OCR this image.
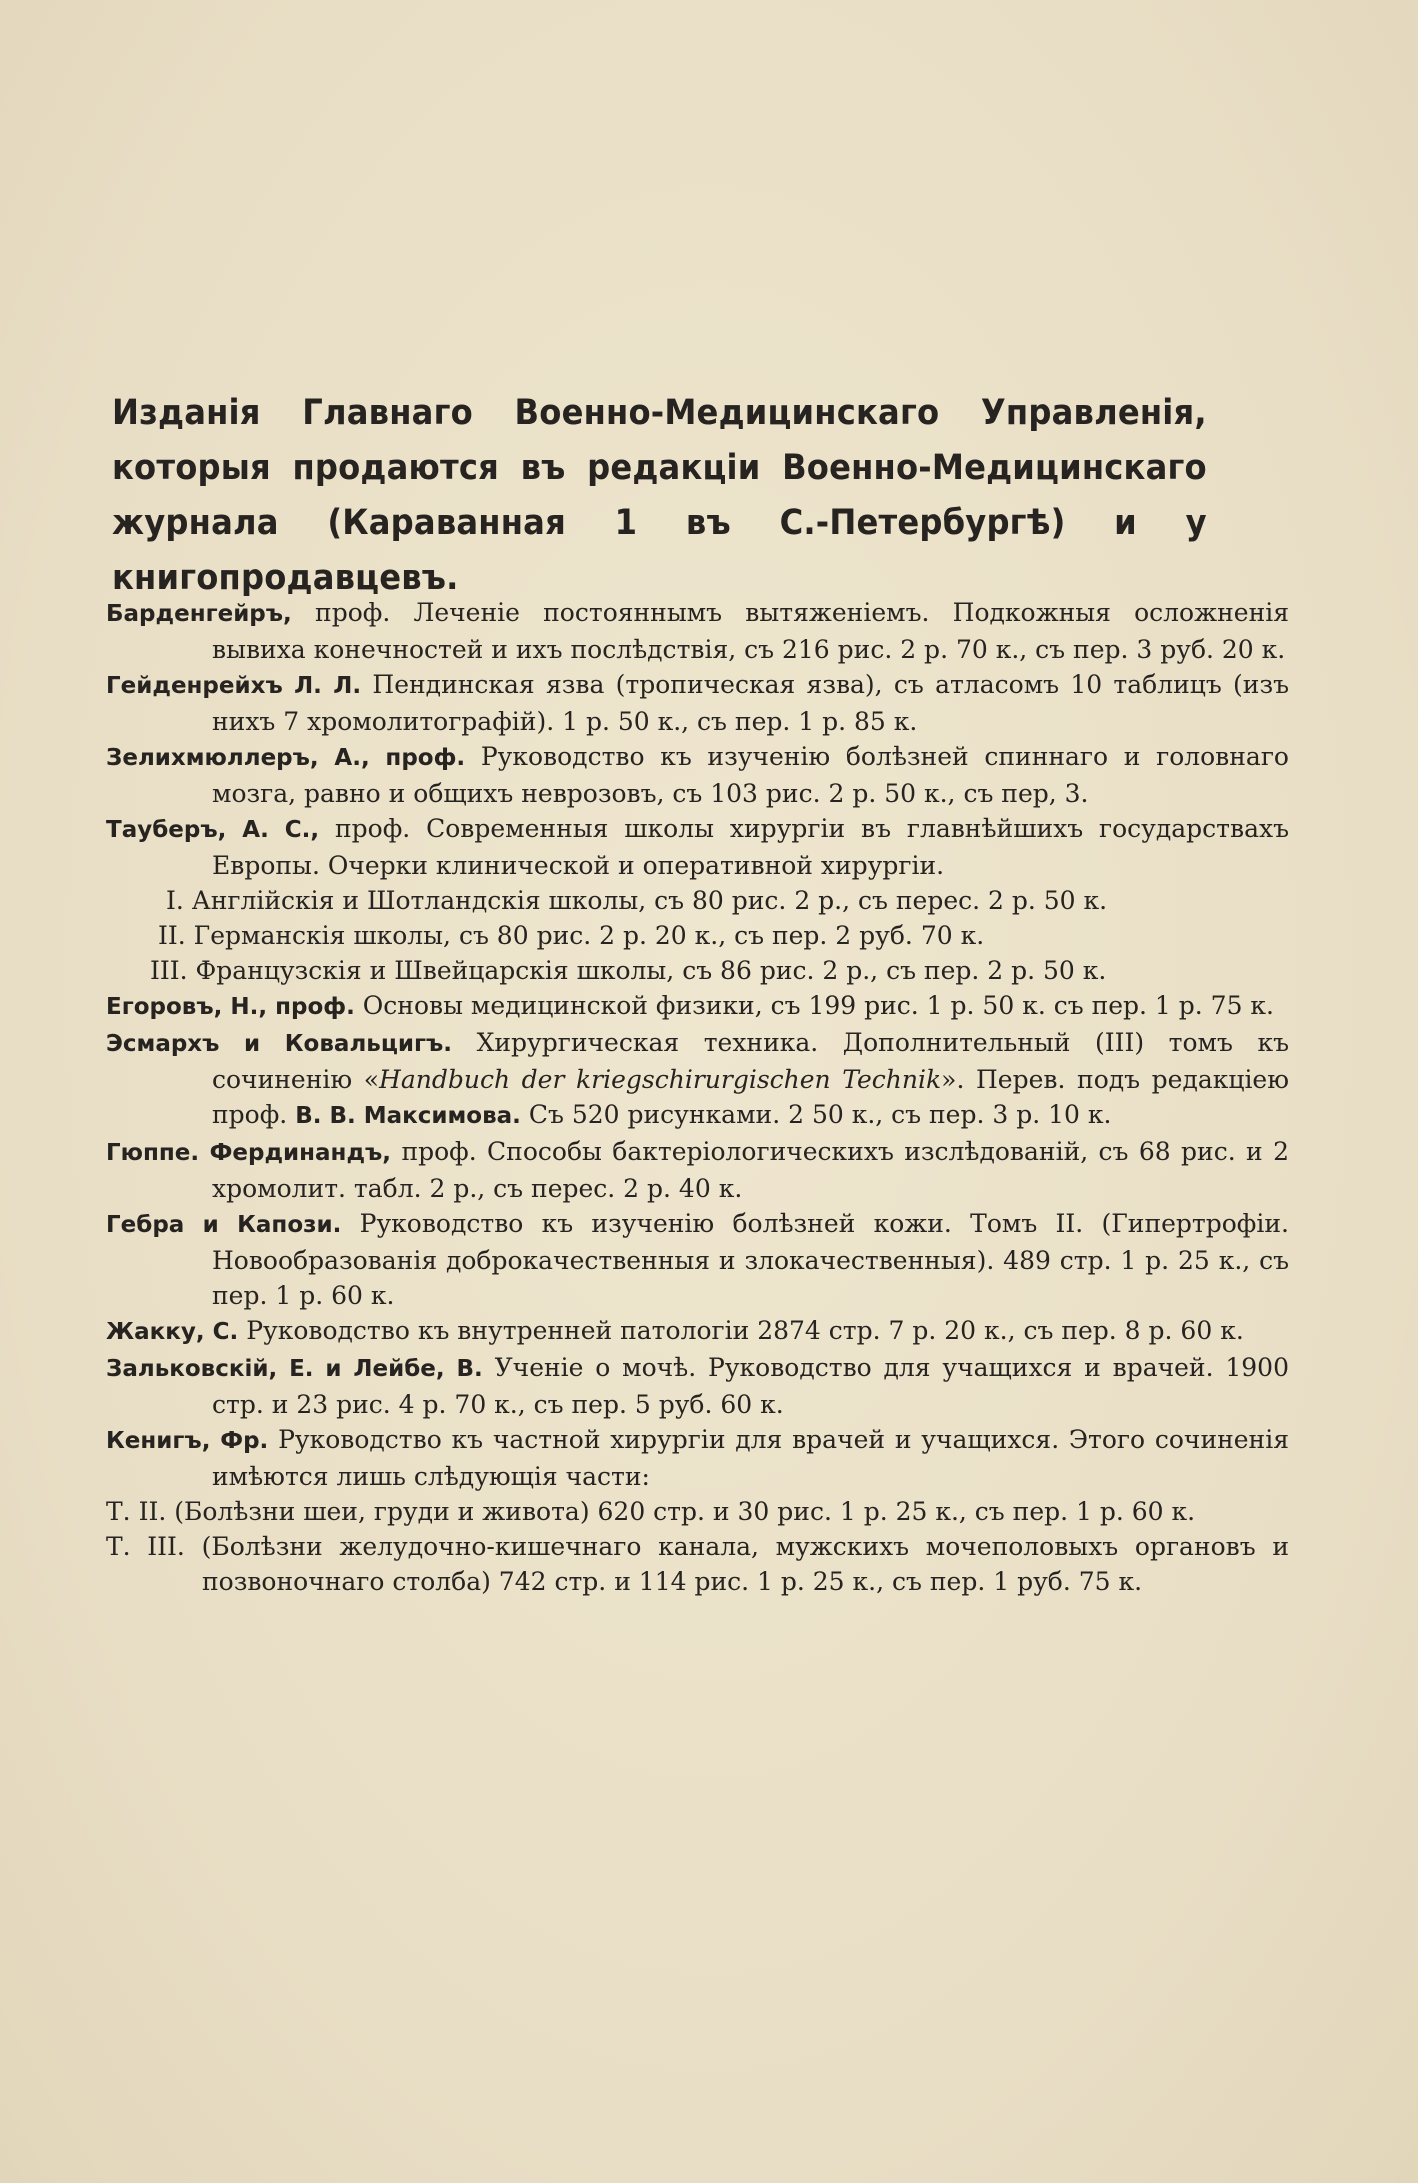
Изданія Главнаго Военно-Медицинскаго Управленія, которыя продаются въ редакціи Военно-Медицинскаго журнала (Караванная 1 въ С.-Петербургѣ) и у книгопродавцевъ.
Барденгейръ, проф. Леченіе постояннымъ вытяженіемъ. Подкожныя осложненія вывиха конечностей и ихъ послѣдствія, съ 216 рис. 2 р. 70 к., съ пер. 3 руб. 20 к.
Гейденрейхъ Л. Л. Пендинская язва (тропическая язва), съ атласомъ 10 таблицъ (изъ нихъ 7 хромолитографій). 1 р. 50 к., съ пер. 1 р. 85 к.
Зелихмюллеръ, А., проф. Руководство къ изученію болѣзней спиннаго и головнаго мозга, равно и общихъ неврозовъ, съ 103 рис. 2 р. 50 к., съ пер, 3.
Тауберъ, А. С., проф. Современныя школы хирургіи въ главнѣйшихъ государствахъ Европы. Очерки клинической и оперативной хирургіи.
I. Англійскія и Шотландскія школы, съ 80 рис. 2 р., съ перес. 2 р. 50 к.
II. Германскія школы, съ 80 рис. 2 р. 20 к., съ пер. 2 руб. 70 к.
III. Французскія и Швейцарскія школы, съ 86 рис. 2 р., съ пер. 2 р. 50 к.
Егоровъ, Н., проф. Основы медицинской физики, съ 199 рис. 1 р. 50 к. съ пер. 1 р. 75 к.
Эсмархъ и Ковальцигъ. Хирургическая техника. Дополнительный (III) томъ къ сочиненію «Handbuch der kriegschirurgischen Technik». Перев. подъ редакціею проф. В. В. Максимова. Съ 520 рисунками. 2 50 к., съ пер. 3 р. 10 к.
Гюппе. Фердинандъ, проф. Способы бактеріологическихъ изслѣдованій, съ 68 рис. и 2 хромолит. табл. 2 р., съ перес. 2 р. 40 к.
Гебра и Капози. Руководство къ изученію болѣзней кожи. Томъ II. (Гипертрофіи. Новообразованія доброкачественныя и злокачественныя). 489 стр. 1 р. 25 к., съ пер. 1 р. 60 к.
Жакку, С. Руководство къ внутренней патологіи 2874 стр. 7 р. 20 к., съ пер. 8 р. 60 к.
Зальковскій, Е. и Лейбе, В. Ученіе о мочѣ. Руководство для учащихся и врачей. 1900 стр. и 23 рис. 4 р. 70 к., съ пер. 5 руб. 60 к.
Кенигъ, Фр. Руководство къ частной хирургіи для врачей и учащихся. Этого сочиненія имѣются лишь слѣдующія части:
Т. II. (Болѣзни шеи, груди и живота) 620 стр. и 30 рис. 1 р. 25 к., съ пер. 1 р. 60 к.
Т. III. (Болѣзни желудочно-кишечнаго канала, мужскихъ мочеполовыхъ органовъ и позвоночнаго столба) 742 стр. и 114 рис. 1 р. 25 к., съ пер. 1 руб. 75 к.
